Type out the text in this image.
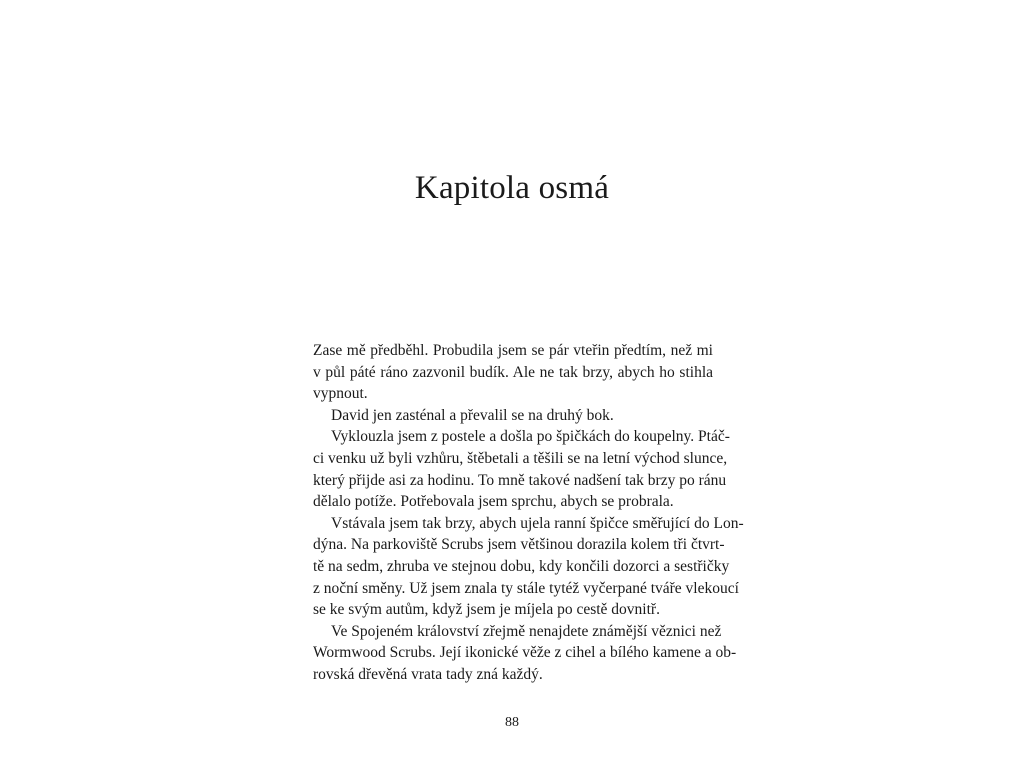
Kapitola osmá

Zase mě předběhl. Probudila jsem se pár vteřin předtím, než mi
v půl páté ráno zazvonil budík. Ale ne tak brzy, abych ho stihla
vypnout.

David jen zasténal a převalil se na druhý bok.

Vyklouzla jsem z postele a došla po špičkách do koupelny. Ptáč-
ci venku už byli vzhůru, štěbetali a těšili se na letní východ slunce,
který přijde asi za hodinu. To mně takové nadšení tak brzy po ránu
dělalo potíže. Potřebovala jsem sprchu, abych se probrala.

Vstávala jsem tak brzy, abych ujela ranní špičce směřující do Lon-
dýna. Na parkoviště Scrubs jsem většinou dorazila kolem tři čtvrt-
tě na sedm, zhruba ve stejnou dobu, kdy končili dozorci a sestřičky
z noční směny. Už jsem znala ty stále tytéž vyčerpané tváře vlekoucí
se ke svým autům, když jsem je míjela po cestě dovnitř.

Ve Spojeném království zřejmě nenajdete známější věznici než
Wormwood Scrubs. Její ikonické věže z cihel a bílého kamene a ob-
rovská dřevěná vrata tady zná každý.

88
